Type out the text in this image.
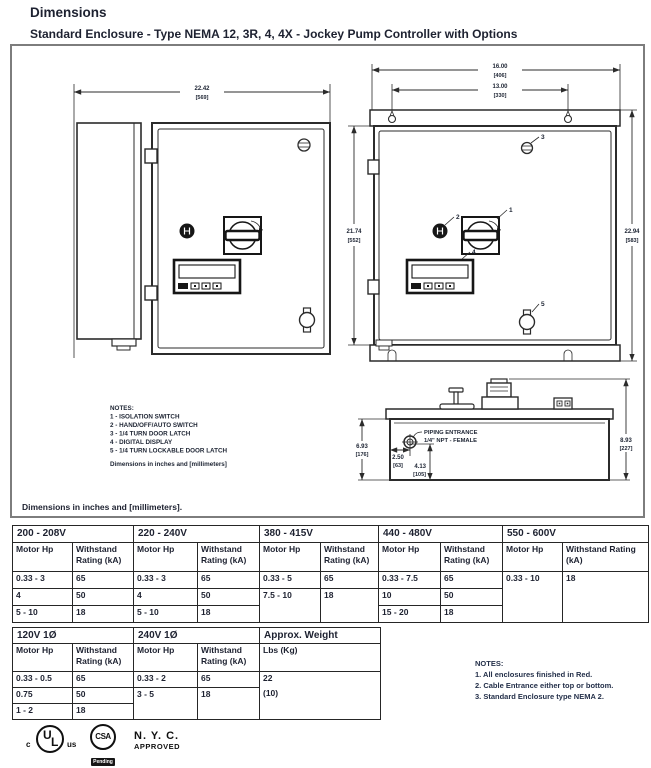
Dimensions
Standard Enclosure - Type NEMA 12, 3R, 4, 4X - Jockey Pump Controller with Options
22.42
[569]
16.00
[406]
13.00
[330]
21.74
[552]
22.94
[583]
3
2
1
4
5
PIPING ENTRANCE
1/4" NPT - FEMALE
6.93
[176]
8.93
[227]
2.50
[63] 4.13
[105]
NOTES:
1 - ISOLATION SWITCH
2 - HAND/OFF/AUTO SWITCH
3 - 1/4 TURN DOOR LATCH
4 - DIGITAL DISPLAY
5 - 1/4 TURN LOCKABLE DOOR LATCH
Dimensions in inches and [millimeters]
Dimensions in inches and [millimeters].
200 - 208V		220 - 240V		380 - 415V		440 - 480V		550 - 600V	
Motor Hp	Withstand Rating (kA)	Motor Hp	Withstand Rating (kA)	Motor Hp	Withstand Rating (kA)	Motor Hp	Withstand Rating (kA)	Motor Hp	Withstand Rating (kA)
0.33 - 3	65	0.33 - 3	65	0.33 - 5	65	0.33 - 7.5	65	0.33 - 10	18
4	50	4	50	7.5 - 10	18	10	50		
5 - 10	18	5 - 10	18			15 - 20	18		
120V 1Ø		240V 1Ø		Approx. Weight
Motor Hp	Withstand Rating (kA)	Motor Hp	Withstand Rating (kA)	Lbs (Kg)
0.33 - 0.5	65	0.33 - 2	65	22
(10)

0.75	50	3 - 5	18	
1 - 2	18			
NOTES:
1. All enclosures finished in Red.
2. Cable Entrance either top or bottom.
3. Standard Enclosure type NEMA 2.
c
U L us
CSA
Pending
N. Y. C.
APPROVED
